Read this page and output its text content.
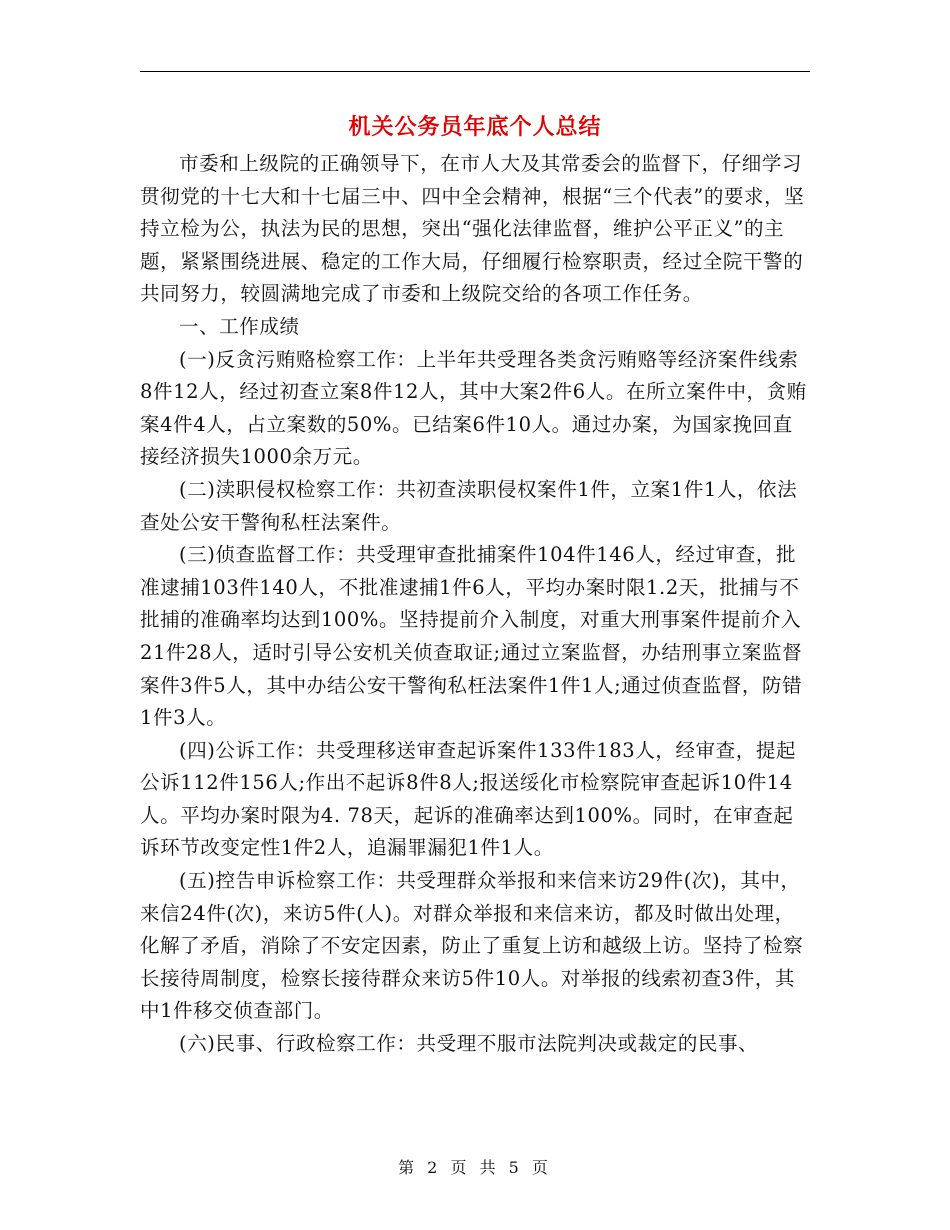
机关公务员年底个人总结

市委和上级院的正确领导下，在市人大及其常委会的监督下，仔细学习贯彻党的十七大和十七届三中、四中全会精神，根据“三个代表”的要求，坚持立检为公，执法为民的思想，突出“强化法律监督，维护公平正义”的主题，紧紧围绕进展、稳定的工作大局，仔细履行检察职责，经过全院干警的共同努力，较圆满地完成了市委和上级院交给的各项工作任务。

一、工作成绩

(一)反贪污贿赂检察工作：上半年共受理各类贪污贿赂等经济案件线索8件12人，经过初查立案8件12人，其中大案2件6人。在所立案件中，贪贿案4件4人，占立案数的50%。已结案6件10人。通过办案，为国家挽回直接经济损失1000余万元。

(二)渎职侵权检察工作：共初查渎职侵权案件1件，立案1件1人，依法查处公安干警徇私枉法案件。

(三)侦查监督工作：共受理审查批捕案件104件146人，经过审查，批准逮捕103件140人，不批准逮捕1件6人，平均办案时限1.2天，批捕与不批捕的准确率均达到100%。坚持提前介入制度，对重大刑事案件提前介入21件28人，适时引导公安机关侦查取证;通过立案监督，办结刑事立案监督案件3件5人，其中办结公安干警徇私枉法案件1件1人;通过侦查监督，防错1件3人。

(四)公诉工作：共受理移送审查起诉案件133件183人，经审查，提起公诉112件156人;作出不起诉8件8人;报送绥化市检察院审查起诉10件14人。平均办案时限为4. 78天，起诉的准确率达到100%。同时，在审查起诉环节改变定性1件2人，追漏罪漏犯1件1人。

(五)控告申诉检察工作：共受理群众举报和来信来访29件(次)，其中，来信24件(次)，来访5件(人)。对群众举报和来信来访，都及时做出处理，化解了矛盾，消除了不安定因素，防止了重复上访和越级上访。坚持了检察长接待周制度，检察长接待群众来访5件10人。对举报的线索初查3件，其中1件移交侦查部门。

(六)民事、行政检察工作：共受理不服市法院判决或裁定的民事、

第 2 页 共 5 页
